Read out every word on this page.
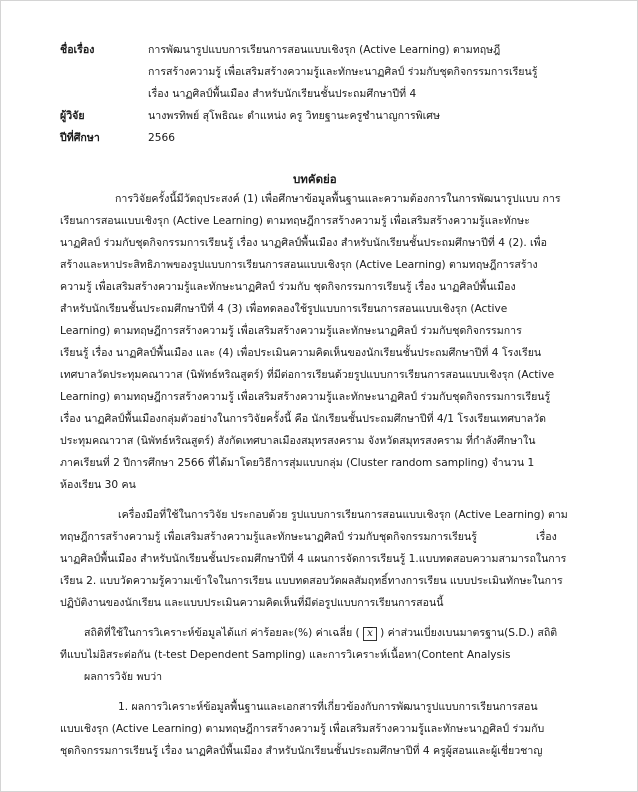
ชื่อเรื่อง	การพัฒนารูปแบบการเรียนการสอนแบบเชิงรุก (Active Learning) ตามทฤษฎี
การสร้างความรู้ เพื่อเสริมสร้างความรู้และทักษะนาฏศิลป์ ร่วมกับชุดกิจกรรมการเรียนรู้
เรื่อง นาฏศิลป์พื้นเมือง สำหรับนักเรียนชั้นประถมศึกษาปีที่ 4
ผู้วิจัย	นางพรทิพย์ สุโพธิณะ ตำแหน่ง ครู วิทยฐานะครูชำนาญการพิเศษ
ปีที่ศึกษา	2566
บทคัดย่อ
การวิจัยครั้งนี้มีวัตถุประสงค์ (1) เพื่อศึกษาข้อมูลพื้นฐานและความต้องการในการพัฒนารูปแบบ การ
เรียนการสอนแบบเชิงรุก (Active Learning) ตามทฤษฎีการสร้างความรู้ เพื่อเสริมสร้างความรู้และทักษะ
นาฏศิลป์ ร่วมกับชุดกิจกรรมการเรียนรู้ เรื่อง นาฏศิลป์พื้นเมือง สำหรับนักเรียนชั้นประถมศึกษาปีที่ 4 (2). เพื่อ
สร้างและหาประสิทธิภาพของรูปแบบการเรียนการสอนแบบเชิงรุก (Active Learning) ตามทฤษฎีการสร้าง
ความรู้ เพื่อเสริมสร้างความรู้และทักษะนาฏศิลป์ ร่วมกับ ชุดกิจกรรมการเรียนรู้ เรื่อง นาฏศิลป์พื้นเมือง
สำหรับนักเรียนชั้นประถมศึกษาปีที่ 4 (3) เพื่อทดลองใช้รูปแบบการเรียนการสอนแบบเชิงรุก (Active
Learning) ตามทฤษฎีการสร้างความรู้ เพื่อเสริมสร้างความรู้และทักษะนาฏศิลป์ ร่วมกับชุดกิจกรรมการ
เรียนรู้ เรื่อง นาฏศิลป์พื้นเมือง และ (4) เพื่อประเมินความคิดเห็นของนักเรียนชั้นประถมศึกษาปีที่ 4 โรงเรียน
เทศบาลวัดประทุมคณาวาส (นิพัทธ์หริณสูตร์) ที่มีต่อการเรียนด้วยรูปแบบการเรียนการสอนแบบเชิงรุก (Active
Learning) ตามทฤษฎีการสร้างความรู้ เพื่อเสริมสร้างความรู้และทักษะนาฏศิลป์ ร่วมกับชุดกิจกรรมการเรียนรู้
เรื่อง นาฏศิลป์พื้นเมืองกลุ่มตัวอย่างในการวิจัยครั้งนี้ คือ นักเรียนชั้นประถมศึกษาปีที่ 4/1 โรงเรียนเทศบาลวัด
ประทุมคณาวาส (นิพัทธ์หริณสูตร์) สังกัดเทศบาลเมืองสมุทรสงคราม จังหวัดสมุทรสงคราม ที่กำลังศึกษาใน
ภาคเรียนที่ 2 ปีการศึกษา 2566 ที่ได้มาโดยวิธีการสุ่มแบบกลุ่ม (Cluster random sampling) จำนวน 1
ห้องเรียน 30 คน
เครื่องมือที่ใช้ในการวิจัย ประกอบด้วย รูปแบบการเรียนการสอนแบบเชิงรุก (Active Learning) ตาม
ทฤษฎีการสร้างความรู้ เพื่อเสริมสร้างความรู้และทักษะนาฏศิลป์ ร่วมกับชุดกิจกรรมการเรียนรู้	เรื่อง
นาฏศิลป์พื้นเมือง สำหรับนักเรียนชั้นประถมศึกษาปีที่ 4 แผนการจัดการเรียนรู้ 1.แบบทดสอบความสามารถในการ
เรียน 2. แบบวัดความรู้ความเข้าใจในการเรียน แบบทดสอบวัดผลสัมฤทธิ์ทางการเรียน แบบประเมินทักษะในการ
ปฏิบัติงานของนักเรียน และแบบประเมินความคิดเห็นที่มีต่อรูปแบบการเรียนการสอนนี้
สถิติที่ใช้ในการวิเคราะห์ข้อมูลได้แก่ ค่าร้อยละ(%) ค่าเฉลี่ย ( $\overline{x}$ ) ค่าส่วนเบี่ยงเบนมาตรฐาน(S.D.) สถิติ
ทีแบบไม่อิสระต่อกัน (t-test Dependent Sampling) และการวิเคราะห์เนื้อหา(Content Analysis
ผลการวิจัย พบว่า
1. ผลการวิเคราะห์ข้อมูลพื้นฐานและเอกสารที่เกี่ยวข้องกับการพัฒนารูปแบบการเรียนการสอน
แบบเชิงรุก (Active Learning) ตามทฤษฎีการสร้างความรู้ เพื่อเสริมสร้างความรู้และทักษะนาฏศิลป์ ร่วมกับ
ชุดกิจกรรมการเรียนรู้ เรื่อง นาฏศิลป์พื้นเมือง สำหรับนักเรียนชั้นประถมศึกษาปีที่ 4 ครูผู้สอนและผู้เชี่ยวชาญ
